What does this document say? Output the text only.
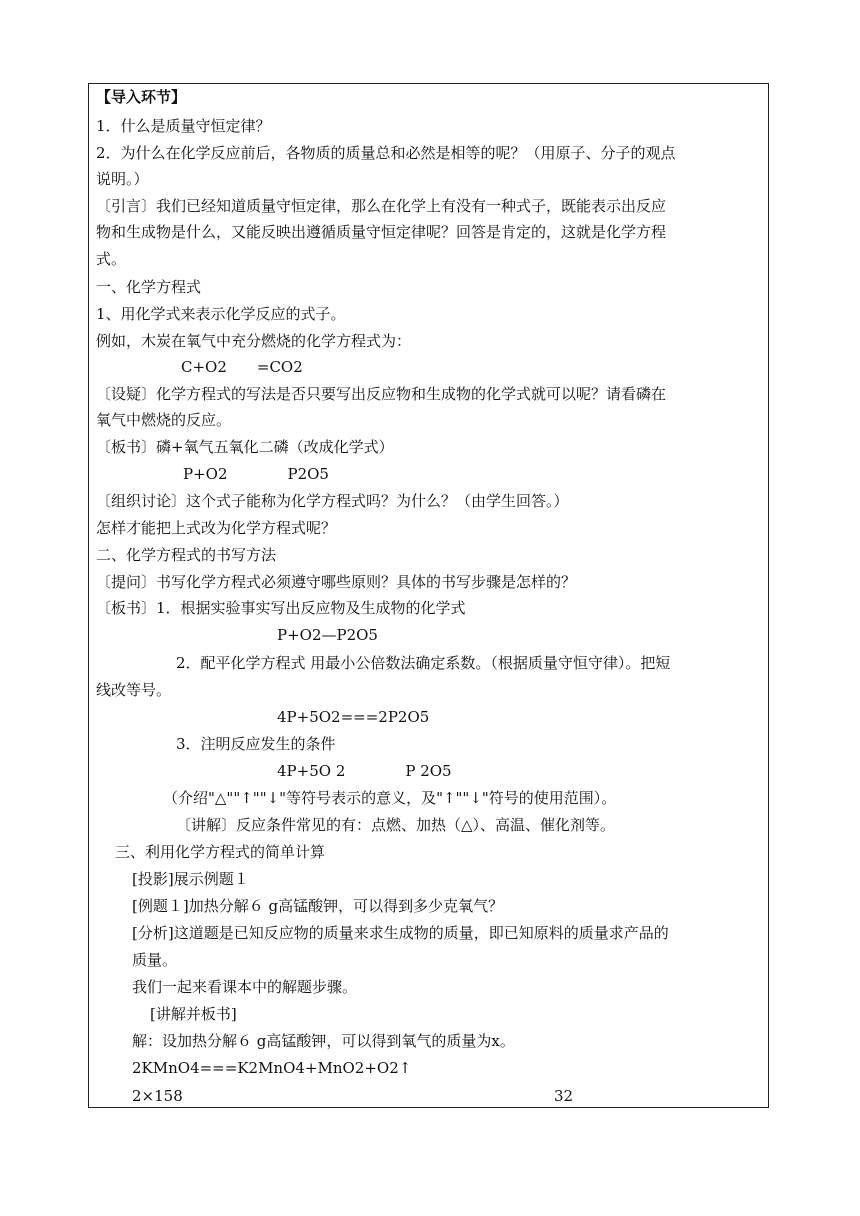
【导入环节】
1．什么是质量守恒定律？
2．为什么在化学反应前后，各物质的质量总和必然是相等的呢？（用原子、分子的观点
说明。）
〔引言〕我们已经知道质量守恒定律，那么在化学上有没有一种式子，既能表示出反应
物和生成物是什么，又能反映出遵循质量守恒定律呢？回答是肯定的，这就是化学方程
式。
一、化学方程式
1、用化学式来表示化学反应的式子。
例如，木炭在氧气中充分燃烧的化学方程式为：
C+O2　　=CO2
〔设疑〕化学方程式的写法是否只要写出反应物和生成物的化学式就可以呢？请看磷在
氧气中燃烧的反应。
〔板书〕磷+氧气五氧化二磷（改成化学式）
P+O2　　　　P2O5
〔组织讨论〕这个式子能称为化学方程式吗？为什么？（由学生回答。）
怎样才能把上式改为化学方程式呢？
二、化学方程式的书写方法
〔提问〕书写化学方程式必须遵守哪些原则？具体的书写步骤是怎样的？
〔板书〕1．根据实验事实写出反应物及生成物的化学式
P+O2—P2O5
2．配平化学方程式 用最小公倍数法确定系数。（根据质量守恒守律）。把短
线改等号。
4P+5O2===2P2O5
3．注明反应发生的条件
4P+5O 2　　　　P 2O5
（介绍"△""↑""↓"等符号表示的意义，及"↑""↓"符号的使用范围）。
〔讲解〕反应条件常见的有：点燃、加热（△）、高温、催化剂等。
三、利用化学方程式的简单计算
[投影]展示例题１
[例题１]加热分解６ g高锰酸钾，可以得到多少克氧气？
[分析]这道题是已知反应物的质量来求生成物的质量，即已知原料的质量求产品的
质量。
我们一起来看课本中的解题步骤。
[讲解并板书]
解：设加热分解６ g高锰酸钾，可以得到氧气的质量为x。
2KMnO4===K2MnO4+MnO2+O2↑
2×158	32
